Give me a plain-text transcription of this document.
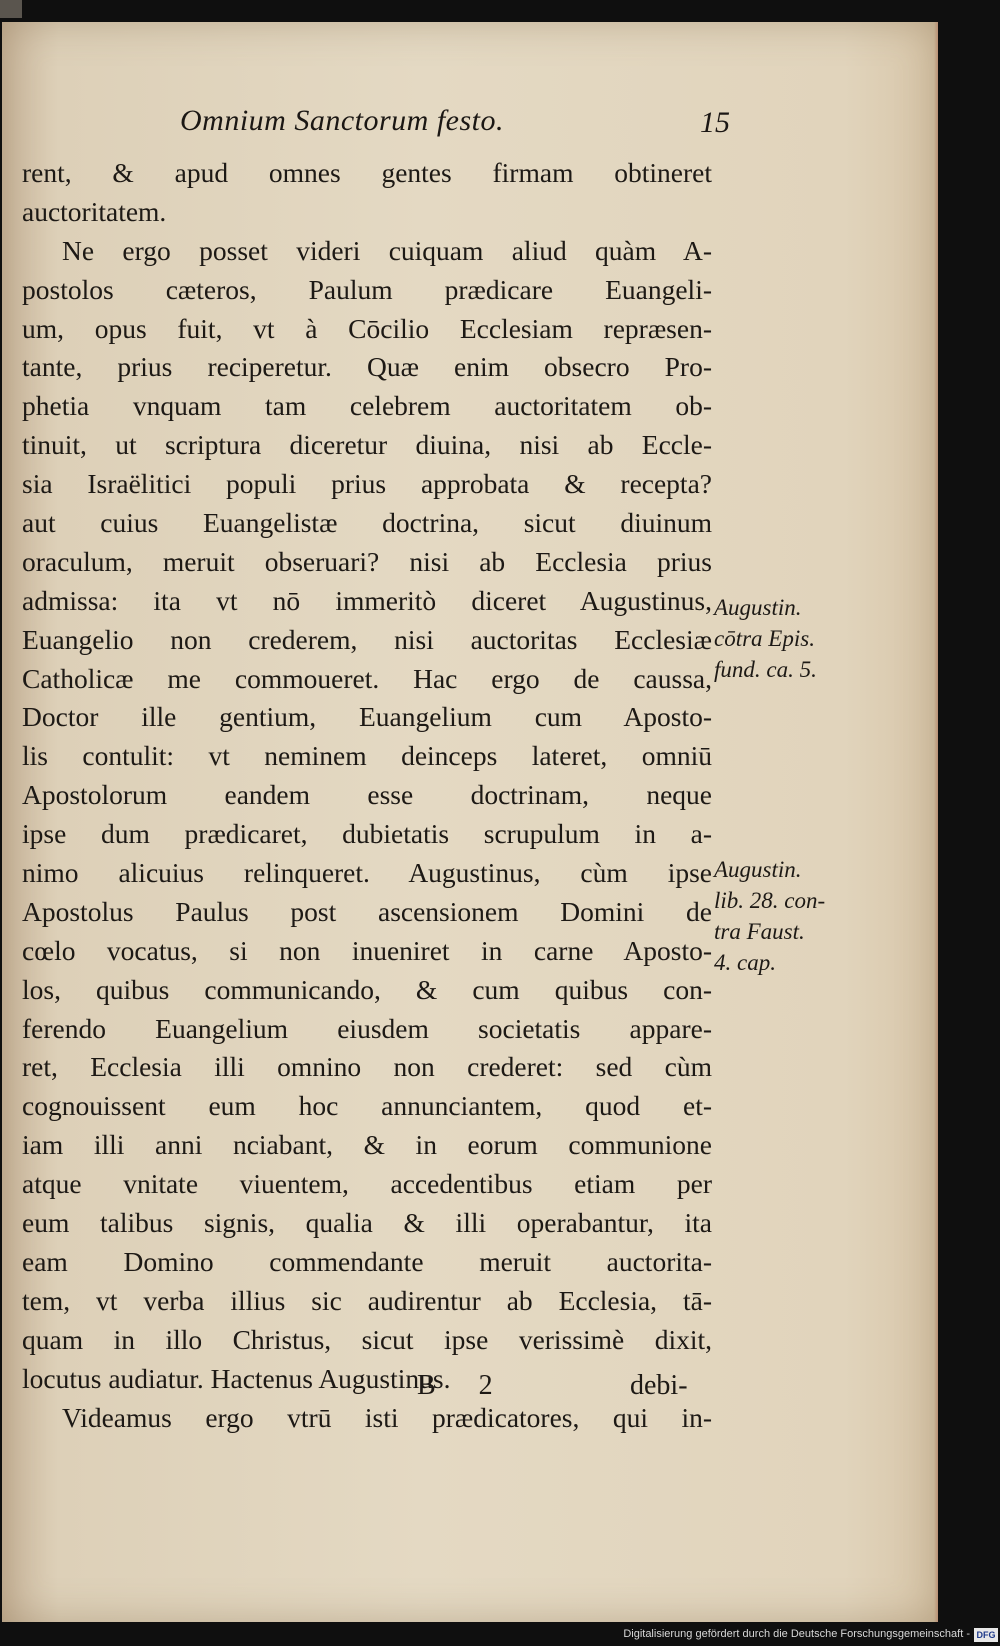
Omnium Sanctorum festo.	15
rent, & apud omnes gentes firmam obtineret
auctoritatem.
Ne ergo posset videri cuiquam aliud quàm A-
postolos cæteros, Paulum prædicare Euangeli-
um, opus fuit, vt à Cōcilio Ecclesiam repræsen-
tante, prius reciperetur. Quæ enim obsecro Pro-
phetia vnquam tam celebrem auctoritatem ob-
tinuit, ut scriptura diceretur diuina, nisi ab Eccle-
sia Israëlitici populi prius approbata & recepta?
aut cuius Euangelistæ doctrina, sicut diuinum
oraculum, meruit obseruari? nisi ab Ecclesia prius
admissa: ita vt nō immeritò diceret Augustinus,
Euangelio non crederem, nisi auctoritas Ecclesiæ
Catholicæ me commoueret. Hac ergo de caussa,
Doctor ille gentium, Euangelium cum Aposto-
lis contulit: vt neminem deinceps lateret, omniū
Apostolorum eandem esse doctrinam, neque
ipse dum prædicaret, dubietatis scrupulum in a-
nimo alicuius relinqueret. Augustinus, cùm ipse
Apostolus Paulus post ascensionem Domini de
cœlo vocatus, si non inueniret in carne Aposto-
los, quibus communicando, & cum quibus con-
ferendo Euangelium eiusdem societatis appare-
ret, Ecclesia illi omnino non crederet: sed cùm
cognouissent eum hoc annunciantem, quod et-
iam illi anni nciabant, & in eorum communione
atque vnitate viuentem, accedentibus etiam per
eum talibus signis, qualia & illi operabantur, ita
eam Domino commendante meruit auctorita-
tem, vt verba illius sic audirentur ab Ecclesia, tā-
quam in illo Christus, sicut ipse verissimè dixit,
locutus audiatur. Hactenus Augustinus.
Videamus ergo vtrū isti prædicatores, qui in-
Augustin.
cōtra Epis.
fund. ca. 5.
Augustin.
lib. 28. con-
tra Faust.
4. cap.
B 2	debi-
Digitalisierung gefördert durch die Deutsche Forschungsgemeinschaft - DFG
